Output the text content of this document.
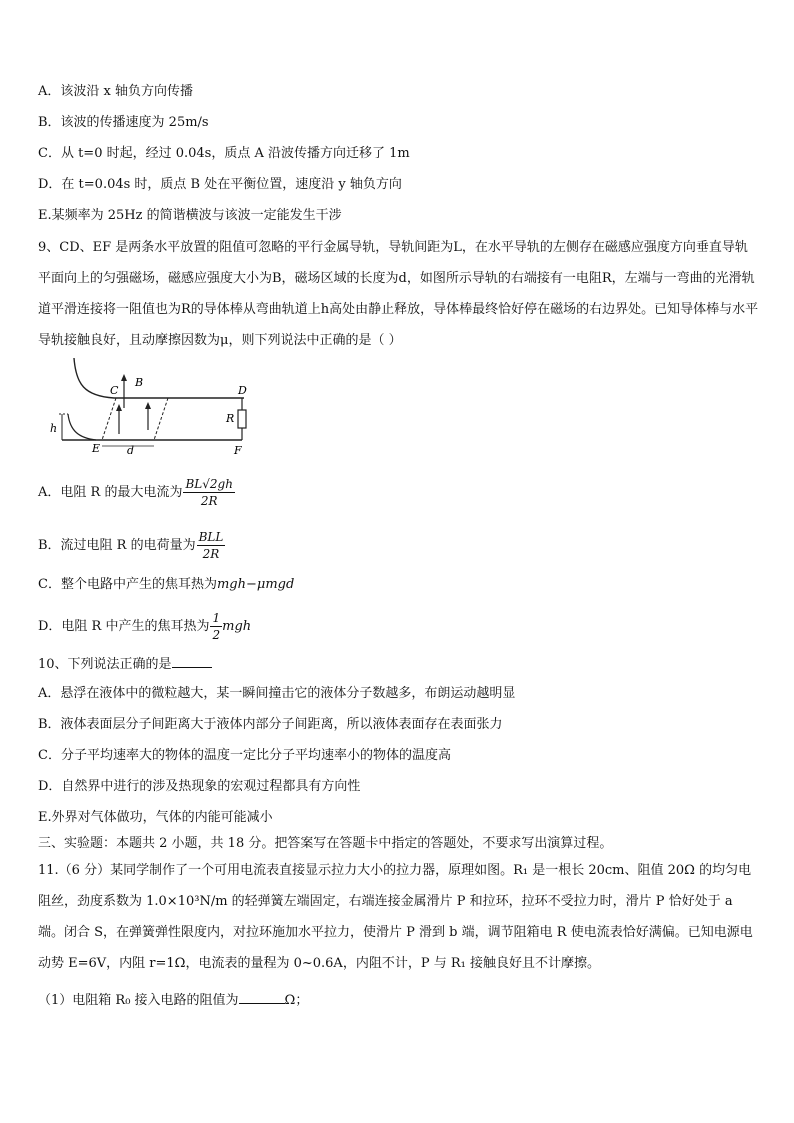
A．该波沿 x 轴负方向传播
B．该波的传播速度为 25m/s
C．从 t=0 时起，经过 0.04s，质点 A 沿波传播方向迁移了 1m
D．在 t=0.04s 时，质点 B 处在平衡位置，速度沿 y 轴负方向
E.某频率为 25Hz 的简谐横波与该波一定能发生干涉
9、CD、EF 是两条水平放置的阻值可忽略的平行金属导轨，导轨间距为L，在水平导轨的左侧存在磁感应强度方向垂直导轨平面向上的匀强磁场，磁感应强度大小为B，磁场区域的长度为d，如图所示导轨的右端接有一电阻R，左端与一弯曲的光滑轨道平滑连接将一阻值也为R的导体棒从弯曲轨道上h高处由静止释放，导体棒最终恰好停在磁场的右边界处。已知导体棒与水平导轨接触良好，且动摩擦因数为μ，则下列说法中正确的是（ ）
C
B
D
R
h
E d	F
A．电阻 R 的最大电流为 $\frac{BL√2gh}{2R}$
B．流过电阻 R 的电荷量为 $\frac{\text{BLL}}{2R}$
C．整个电路中产生的焦耳热为mgh−μmgd
D．电阻 R 中产生的焦耳热为 $\frac{1}{2}$ mgh
10、下列说法正确的是
A．悬浮在液体中的微粒越大，某一瞬间撞击它的液体分子数越多，布朗运动越明显
B．液体表面层分子间距离大于液体内部分子间距离，所以液体表面存在表面张力
C．分子平均速率大的物体的温度一定比分子平均速率小的物体的温度高
D．自然界中进行的涉及热现象的宏观过程都具有方向性
E.外界对气体做功，气体的内能可能减小
三、实验题：本题共 2 小题，共 18 分。把答案写在答题卡中指定的答题处，不要求写出演算过程。
11.（6 分）某同学制作了一个可用电流表直接显示拉力大小的拉力器，原理如图。R₁ 是一根长 20cm、阻值 20Ω 的均匀电阻丝，劲度系数为 1.0×10³N/m 的轻弹簧左端固定，右端连接金属滑片 P 和拉环，拉环不受拉力时，滑片 P 恰好处于 a 端。闭合 S，在弹簧弹性限度内，对拉环施加水平拉力，使滑片 P 滑到 b 端，调节阻箱电 R 使电流表恰好满偏。已知电源电动势 E=6V，内阻 r=1Ω，电流表的量程为 0~0.6A，内阻不计，P 与 R₁ 接触良好且不计摩擦。
（1）电阻箱 R₀ 接入电路的阻值为	Ω；
